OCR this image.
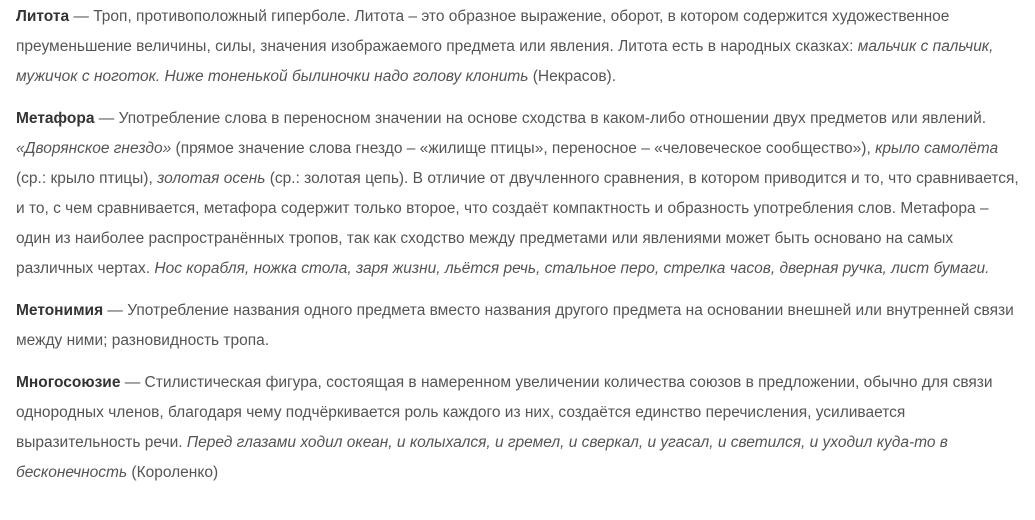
Литота — Троп, противоположный гиперболе. Литота – это образное выражение, оборот, в котором содержится художественное преуменьшение величины, силы, значения изображаемого предмета или явления. Литота есть в народных сказках: мальчик с пальчик, мужичок с ноготок. Ниже тоненькой былиночки надо голову клонить (Некрасов).

Метафора — Употребление слова в переносном значении на основе сходства в каком-либо отношении двух предметов или явлений. «Дворянское гнездо» (прямое значение слова гнездо – «жилище птицы», переносное – «человеческое сообщество»), крыло самолёта (ср.: крыло птицы), золотая осень (ср.: золотая цепь). В отличие от двучленного сравнения, в котором приводится и то, что сравнивается, и то, с чем сравнивается, метафора содержит только второе, что создаёт компактность и образность употребления слов. Метафора – один из наиболее распространённых тропов, так как сходство между предметами или явлениями может быть основано на самых различных чертах. Нос корабля, ножка стола, заря жизни, льётся речь, стальное перо, стрелка часов, дверная ручка, лист бумаги.

Метонимия — Употребление названия одного предмета вместо названия другого предмета на основании внешней или внутренней связи между ними; разновидность тропа.

Многосоюзие — Стилистическая фигура, состоящая в намеренном увеличении количества союзов в предложении, обычно для связи однородных членов, благодаря чему подчёркивается роль каждого из них, создаётся единство перечисления, усиливается выразительность речи. Перед глазами ходил океан, и колыхался, и гремел, и сверкал, и угасал, и светился, и уходил куда-то в бесконечность (Короленко)
